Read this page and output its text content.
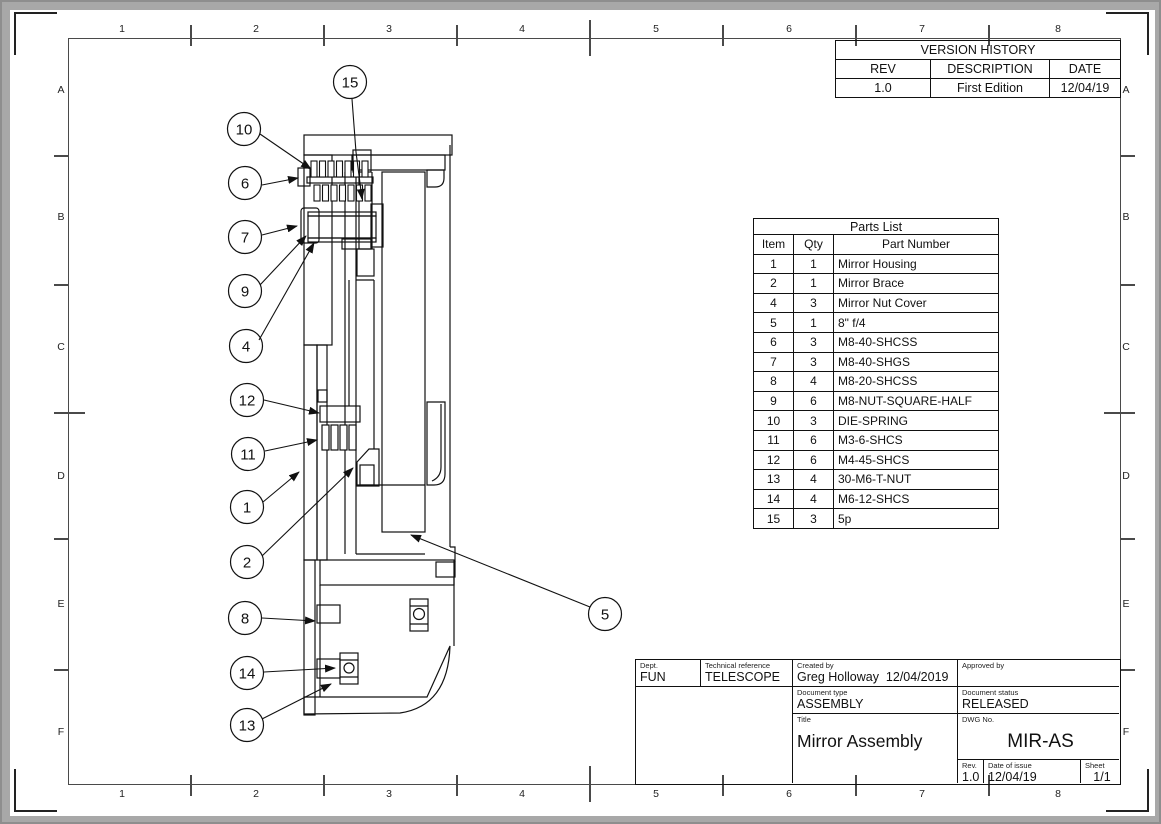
1	2	3	4	5	6	7	8
1	2	3	4	5	6	7	8
A
B
C
D
E
F
A
B
C
D
E
F
15
10
6
7
9
4
12
11
1
2
8
14
13
5
VERSION HISTORY		
REV	DESCRIPTION	DATE
1.0	First Edition	12/04/19
Parts List		
Item	Qty	Part Number
1	1	Mirror Housing
2	1	Mirror Brace
4	3	Mirror Nut Cover
5	1	8" f/4
6	3	M8-40-SHCSS
7	3	M8-40-SHGS
8	4	M8-20-SHCSS
9	6	M8-NUT-SQUARE-HALF
10	3	DIE-SPRING
11	6	M3-6-SHCS
12	6	M4-45-SHCS
13	4	30-M6-T-NUT
14	4	M6-12-SHCS
15	3	5p
Dept.
FUN
Technical reference
TELESCOPE
Created by
Greg Holloway  12/04/2019
Approved by
Document type
ASSEMBLY
Document status
RELEASED
Title
Mirror Assembly
DWG No.
MIR-AS
Rev.
1.0
Date of issue
12/04/19
Sheet
1/1
